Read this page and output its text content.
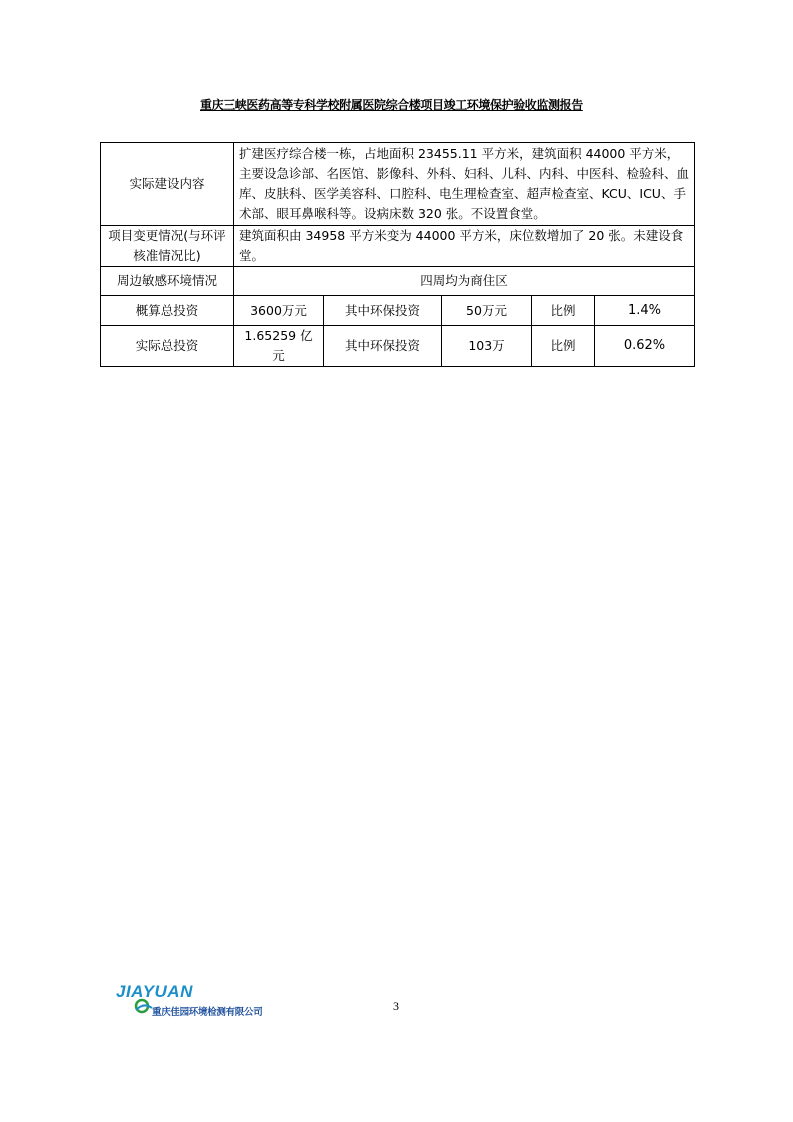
重庆三峡医药高等专科学校附属医院综合楼项目竣工环境保护验收监测报告
实际建设内容	扩建医疗综合楼一栋，占地面积 23455.11 平方米，建筑面积 44000 平方米，主要设急诊部、名医馆、影像科、外科、妇科、儿科、内科、中医科、检验科、血库、皮肤科、医学美容科、口腔科、电生理检查室、超声检查室、KCU、ICU、手术部、眼耳鼻喉科等。设病床数 320 张。不设置食堂。				
项目变更情况(与环评核准情况比)	建筑面积由 34958 平方米变为 44000 平方米，床位数增加了 20 张。未建设食堂。				
周边敏感环境情况	四周均为商住区				
概算总投资	3600万元	其中环保投资	50万元	比例	1.4%
实际总投资	1.65259 亿元	其中环保投资	103万	比例	0.62%
JIAYUAN
重庆佳园环境检测有限公司	3
